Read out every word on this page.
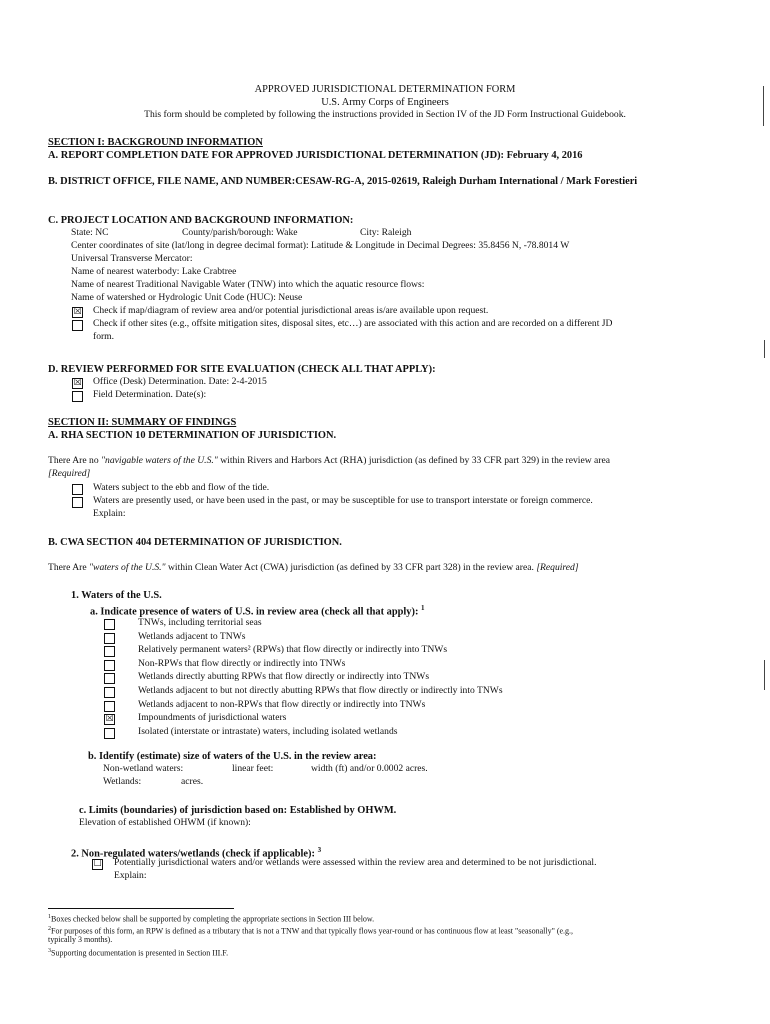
APPROVED JURISDICTIONAL DETERMINATION FORM
U.S. Army Corps of Engineers
This form should be completed by following the instructions provided in Section IV of the JD Form Instructional Guidebook.
SECTION I: BACKGROUND INFORMATION
A. REPORT COMPLETION DATE FOR APPROVED JURISDICTIONAL DETERMINATION (JD): February 4, 2016
B. DISTRICT OFFICE, FILE NAME, AND NUMBER:CESAW-RG-A, 2015-02619, Raleigh Durham International / Mark Forestieri
C. PROJECT LOCATION AND BACKGROUND INFORMATION:
State: NC	County/parish/borough: Wake	City: Raleigh
Center coordinates of site (lat/long in degree decimal format): Latitude & Longitude in Decimal Degrees: 35.8456 N, -78.8014 W
Universal Transverse Mercator:
Name of nearest waterbody: Lake Crabtree
Name of nearest Traditional Navigable Water (TNW) into which the aquatic resource flows:
Name of watershed or Hydrologic Unit Code (HUC): Neuse
☒ Check if map/diagram of review area and/or potential jurisdictional areas is/are available upon request.
Check if other sites (e.g., offsite mitigation sites, disposal sites, etc…) are associated with this action and are recorded on a different JD
form.
D. REVIEW PERFORMED FOR SITE EVALUATION (CHECK ALL THAT APPLY):
☒ Office (Desk) Determination. Date: 2-4-2015
Field Determination. Date(s):
SECTION II: SUMMARY OF FINDINGS
A. RHA SECTION 10 DETERMINATION OF JURISDICTION.
There Are no "navigable waters of the U.S." within Rivers and Harbors Act (RHA) jurisdiction (as defined by 33 CFR part 329) in the review area
[Required]
Waters subject to the ebb and flow of the tide.
Waters are presently used, or have been used in the past, or may be susceptible for use to transport interstate or foreign commerce.
Explain:
B. CWA SECTION 404 DETERMINATION OF JURISDICTION.
There Are "waters of the U.S." within Clean Water Act (CWA) jurisdiction (as defined by 33 CFR part 328) in the review area. [Required]
1. Waters of the U.S.
a. Indicate presence of waters of U.S. in review area (check all that apply): $^1$
TNWs, including territorial seas
Wetlands adjacent to TNWs
Relatively permanent waters² (RPWs) that flow directly or indirectly into TNWs
Non-RPWs that flow directly or indirectly into TNWs
Wetlands directly abutting RPWs that flow directly or indirectly into TNWs
Wetlands adjacent to but not directly abutting RPWs that flow directly or indirectly into TNWs
Wetlands adjacent to non-RPWs that flow directly or indirectly into TNWs
☒	Impoundments of jurisdictional waters
Isolated (interstate or intrastate) waters, including isolated wetlands
b. Identify (estimate) size of waters of the U.S. in the review area:
Non-wetland waters:	linear feet:	width (ft) and/or 0.0002 acres.
Wetlands:	acres.
c. Limits (boundaries) of jurisdiction based on: Established by OHWM.
Elevation of established OHWM (if known):
2. Non-regulated waters/wetlands (check if applicable): $^3$
☐ Potentially jurisdictional waters and/or wetlands were assessed within the review area and determined to be not jurisdictional.
Explain:
$^1$Boxes checked below shall be supported by completing the appropriate sections in Section III below.
$^2$For purposes of this form, an RPW is defined as a tributary that is not a TNW and that typically flows year-round or has continuous flow at least "seasonally" (e.g.,
typically 3 months).
$^3$Supporting documentation is presented in Section III.F.
